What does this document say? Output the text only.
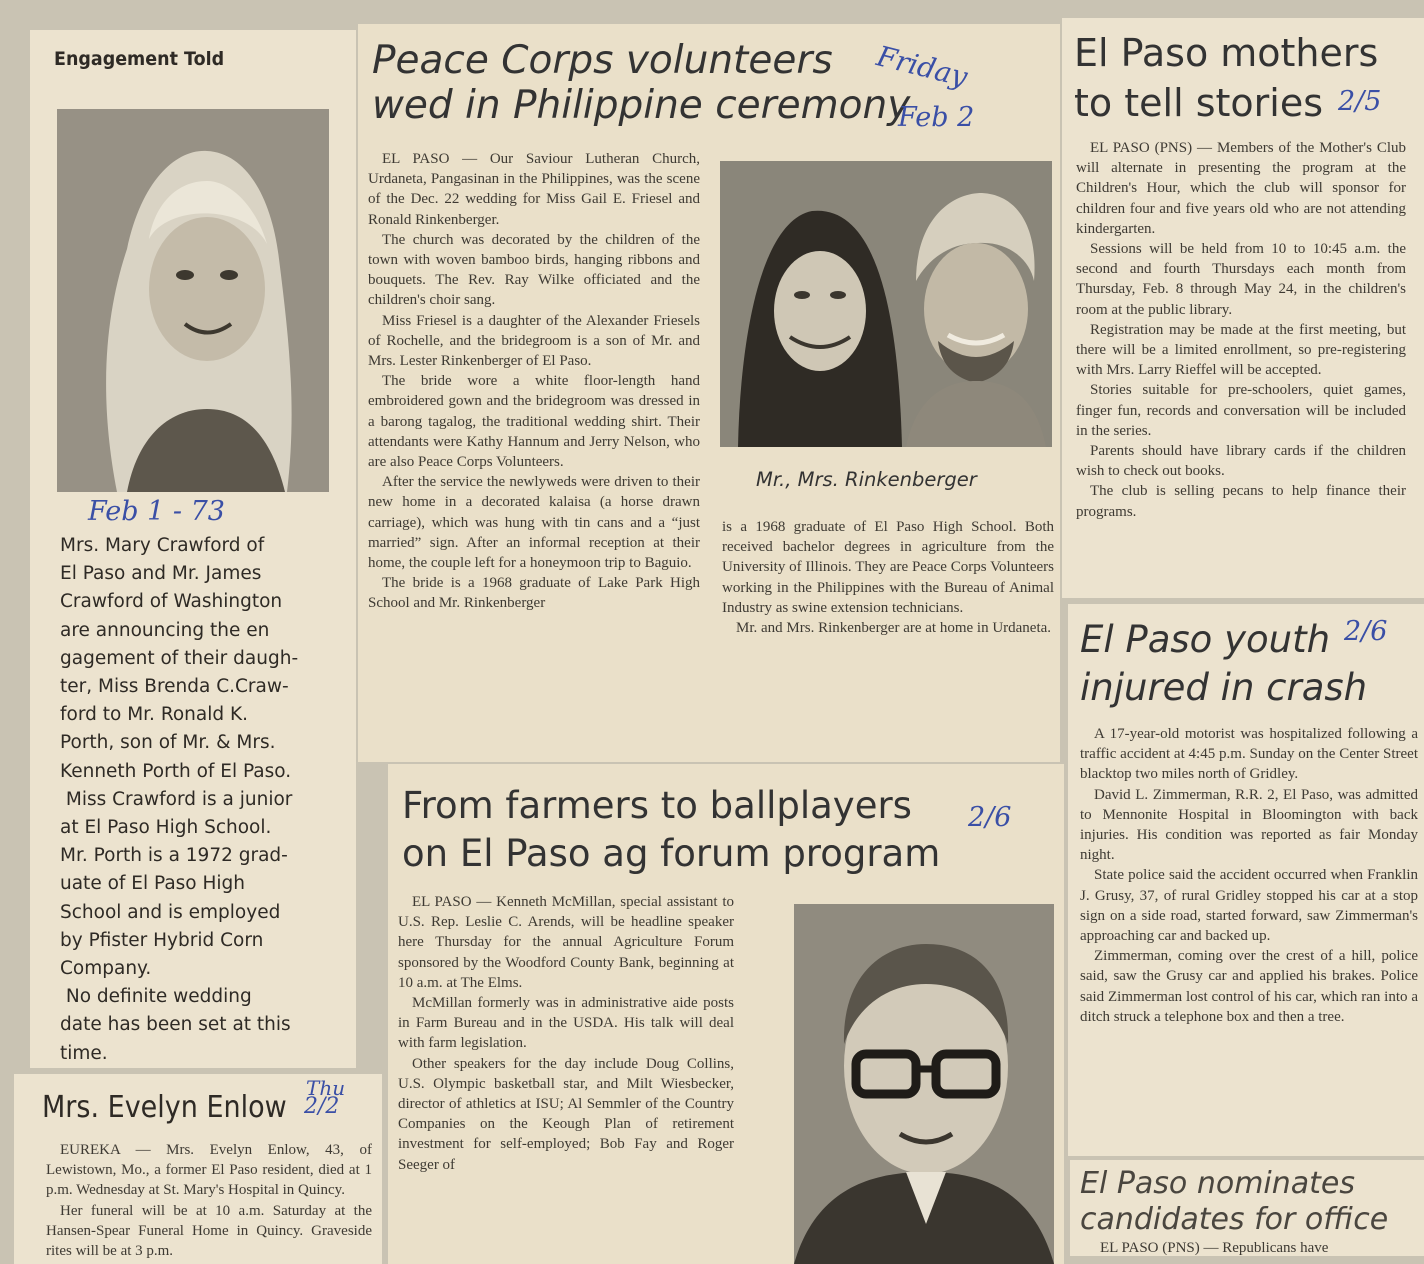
Engagement Told
Feb 1 - 73
Mrs. Mary Crawford of
El Paso and Mr. James
Crawford of Washington
are announcing the en
gagement of their daugh-
ter, Miss Brenda C.Craw-
ford to Mr. Ronald K.
Porth, son of Mr. & Mrs.
Kenneth Porth of El Paso.
Miss Crawford is a junior
at El Paso High School.
Mr. Porth is a 1972 grad-
uate of El Paso High
School and is employed
by Pfister Hybrid Corn
Company.
No definite wedding
date has been set at this
time.
Mrs. Evelyn Enlow
Thu
2/2

EUREKA — Mrs. Evelyn Enlow, 43, of Lewistown, Mo., a former El Paso resident, died at 1 p.m. Wednesday at St. Mary's Hospital in Quincy.

Her funeral will be at 10 a.m. Saturday at the Hansen-Spear Funeral Home in Quincy. Graveside rites will be at 3 p.m.

Peace Corps volunteers
wed in Philippine ceremony
Friday
Feb 2

EL PASO — Our Saviour Lutheran Church, Urdaneta, Pangasinan in the Philippines, was the scene of the Dec. 22 wedding for Miss Gail E. Friesel and Ronald Rinkenberger.

The church was decorated by the children of the town with woven bamboo birds, hanging ribbons and bouquets. The Rev. Ray Wilke officiated and the children's choir sang.

Miss Friesel is a daughter of the Alexander Friesels of Rochelle, and the bridegroom is a son of Mr. and Mrs. Lester Rinkenberger of El Paso.

The bride wore a white floor-length hand embroidered gown and the bridegroom was dressed in a barong tagalog, the traditional wedding shirt. Their attendants were Kathy Hannum and Jerry Nelson, who are also Peace Corps Volunteers.

After the service the newlyweds were driven to their new home in a decorated kalaisa (a horse drawn carriage), which was hung with tin cans and a “just married” sign. After an informal reception at their home, the couple left for a honeymoon trip to Baguio.

The bride is a 1968 graduate of Lake Park High School and Mr. Rinkenberger

Mr., Mrs. Rinkenberger

is a 1968 graduate of El Paso High School. Both received bachelor degrees in agriculture from the University of Illinois. They are Peace Corps Volunteers working in the Philippines with the Bureau of Animal Industry as swine extension technicians.

Mr. and Mrs. Rinkenberger are at home in Urdaneta.

From farmers to ballplayers
on El Paso ag forum program
2/6

EL PASO — Kenneth McMillan, special assistant to U.S. Rep. Leslie C. Arends, will be headline speaker here Thursday for the annual Agriculture Forum sponsored by the Woodford County Bank, beginning at 10 a.m. at The Elms.

McMillan formerly was in administrative aide posts in Farm Bureau and in the USDA. His talk will deal with farm legislation.

Other speakers for the day include Doug Collins, U.S. Olympic basketball star, and Milt Wiesbecker, director of athletics at ISU; Al Semmler of the Country Companies on the Keough Plan of retirement investment for self-employed; Bob Fay and Roger Seeger of

El Paso mothers
to tell stories 2/5

EL PASO (PNS) — Members of the Mother's Club will alternate in presenting the program at the Children's Hour, which the club will sponsor for children four and five years old who are not attending kindergarten.

Sessions will be held from 10 to 10:45 a.m. the second and fourth Thursdays each month from Thursday, Feb. 8 through May 24, in the children's room at the public library.

Registration may be made at the first meeting, but there will be a limited enrollment, so pre-registering with Mrs. Larry Rieffel will be accepted.

Stories suitable for pre-schoolers, quiet games, finger fun, records and conversation will be included in the series.

Parents should have library cards if the children wish to check out books.

The club is selling pecans to help finance their programs.

El Paso youth
injured in crash
2/6

A 17-year-old motorist was hospitalized following a traffic accident at 4:45 p.m. Sunday on the Center Street blacktop two miles north of Gridley.

David L. Zimmerman, R.R. 2, El Paso, was admitted to Mennonite Hospital in Bloomington with back injuries. His condition was reported as fair Monday night.

State police said the accident occurred when Franklin J. Grusy, 37, of rural Gridley stopped his car at a stop sign on a side road, started forward, saw Zimmerman's approaching car and backed up.

Zimmerman, coming over the crest of a hill, police said, saw the Grusy car and applied his brakes. Police said Zimmerman lost control of his car, which ran into a ditch struck a telephone box and then a tree.

El Paso nominates
candidates for office
EL PASO (PNS) — Republicans have
